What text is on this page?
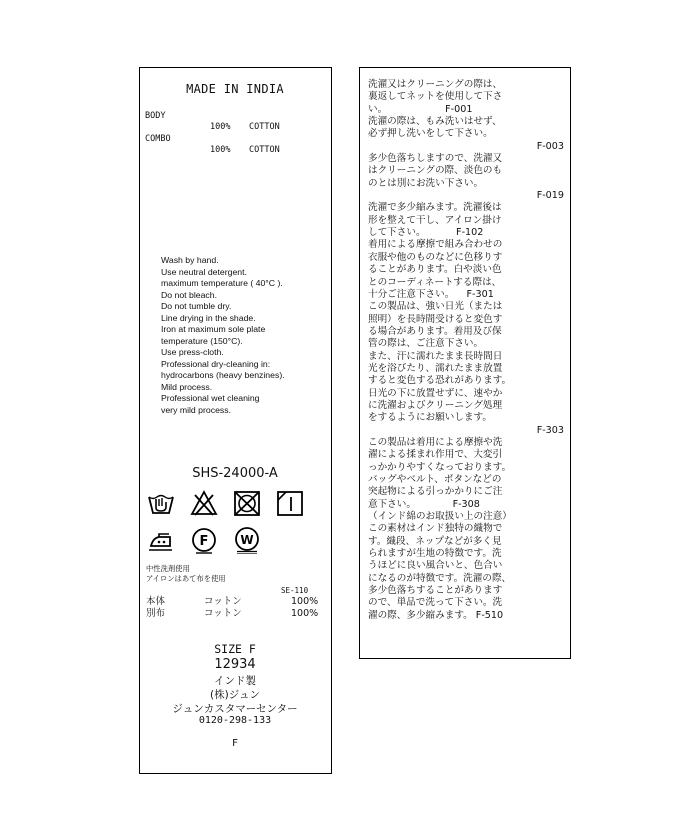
MADE IN INDIA
BODY
100% COTTON
COMBO
100% COTTON
Wash by hand.
Use neutral detergent.
maximum temperature ( 40°C ).
Do not bleach.
Do not tumble dry.
Line drying in the shade.
Iron at maximum sole plate
temperature (150°C).
Use press-cloth.
Professional dry-cleaning in:
hydrocarbons (heavy benzines).
Mild process.
Professional wet cleaning
very mild process.
SHS-24000-A
F	W
中性洗剤使用
アイロンはあて布を使用
SE-110
本体	コットン	100%
別布	コットン	100%
SIZE F
12934
インド製
(株)ジュン
ジュンカスタマーセンター
0120-298-133
F
洗濯又はクリーニングの際は、
裏返してネットを使用して下さ
い。                   F-001
洗濯の際は、もみ洗いはせず、
必ず押し洗いをして下さい。
F-003
多少色落ちしますので、洗濯又
はクリーニングの際、淡色のも
のとは別にお洗い下さい。
F-019
洗濯で多少縮みます。洗濯後は
形を整えて干し、アイロン掛け
して下さい。          F-102
着用による摩擦で組み合わせの
衣服や他のものなどに色移りす
ることがあります。白や淡い色
とのコーディネートする際は、
十分ご注意下さい。    F-301
この製品は、強い日光（または
照明）を長時間受けると変色す
る場合があります。着用及び保
管の際は、ご注意下さい。
また、汗に濡れたまま長時間日
光を浴びたり、濡れたまま放置
すると変色する恐れがあります。
日光の下に放置せずに、速やか
に洗濯およびクリーニング処理
をするようにお願いします。
F-303
この製品は着用による摩擦や洗
濯による揉まれ作用で、大変引
っかかりやすくなっております。
バッグやベルト、ボタンなどの
突起物による引っかかりにご注
意下さい。            F-308
（インド綿のお取扱い上の注意）
この素材はインド独特の織物で
す。織段、ネップなどが多く見
られますが生地の特徴です。洗
うほどに良い風合いと、色合い
になるのが特徴です。洗濯の際、
多少色落ちすることがあります
ので、単品で洗って下さい。洗
濯の際、多少縮みます。 F-510
